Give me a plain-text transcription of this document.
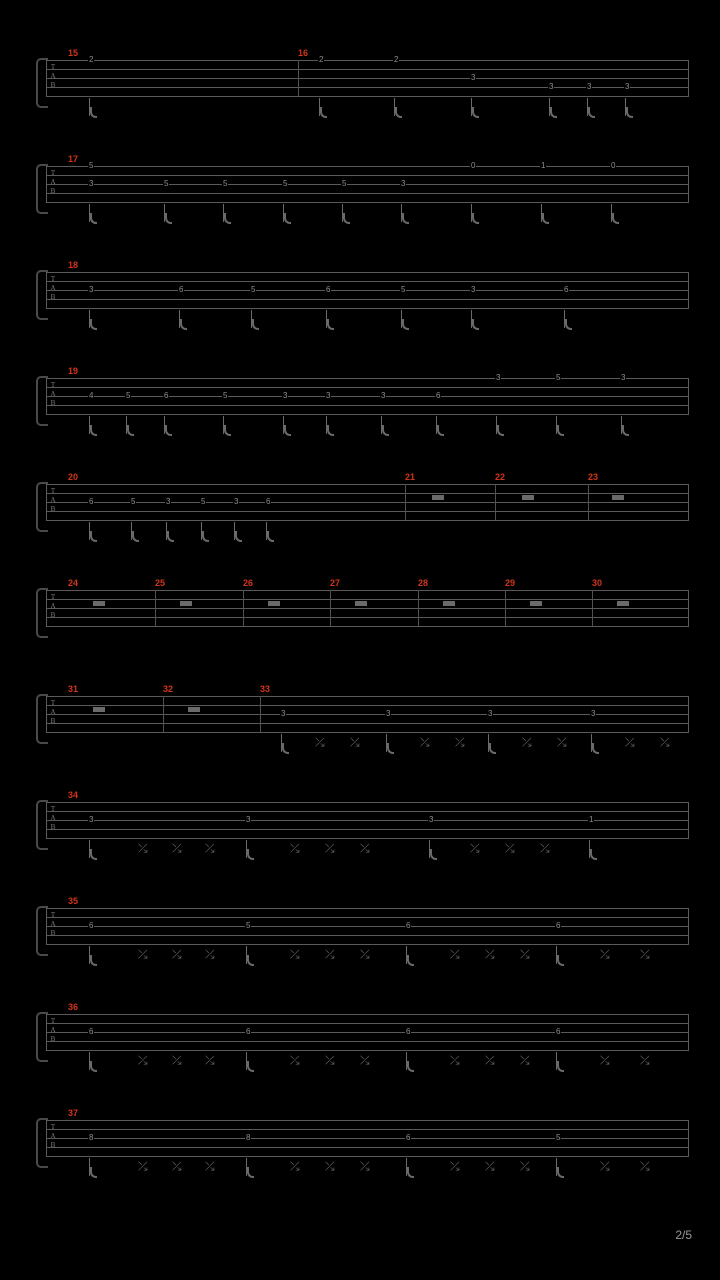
15	16
T
A
B
2	2	2
3
3	3	3
17
T
A
B
5
3	5	5	5	5	3
0	1	0
18
T
A
B
3	6	5	6	5	3	6
19
T
A
B
4	5	6	5	3	3	3	6
3	5	3
20	21	22	23
T
A
B
6	5	3	5	3	6
24	25	26	27	28	29	30
T
A
B
31	32	33
T
A
B
3	3	3	3
⤰ ⤰	⤰ ⤰	⤰ ⤰	⤰ ⤰
34
T
A
B
3	3	3	1
⤰ ⤰ ⤰	⤰ ⤰ ⤰	⤰ ⤰ ⤰
35
T
A
B
6	5	6	6
⤰ ⤰ ⤰	⤰ ⤰ ⤰	⤰ ⤰ ⤰	⤰	⤰
36
T
A
B
6	6	6	6
⤰ ⤰ ⤰	⤰ ⤰ ⤰	⤰ ⤰ ⤰	⤰	⤰
37
T
A
B
8	8	6	5
⤰ ⤰ ⤰	⤰ ⤰ ⤰	⤰ ⤰ ⤰	⤰	⤰
2/5
